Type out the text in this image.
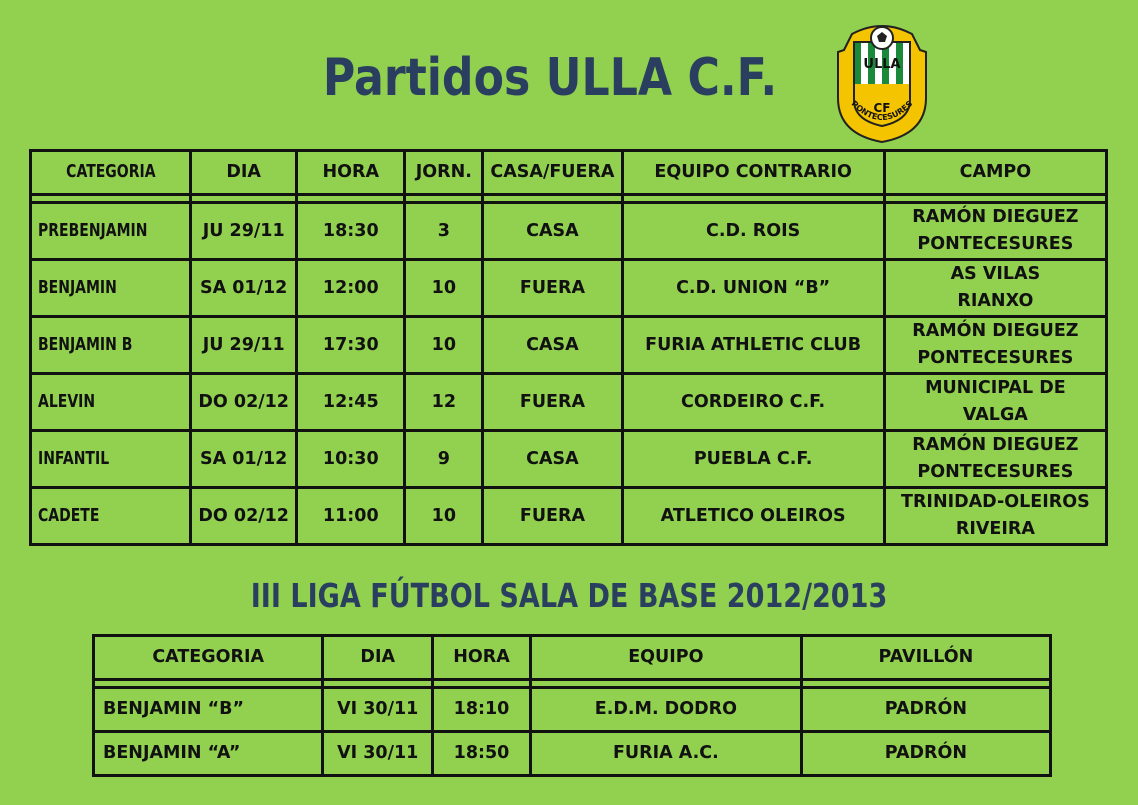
Partidos ULLA C.F.	ULLA
CF
PONTECESURES
CATEGORIA	DIA	HORA	JORN.	CASA/FUERA	EQUIPO CONTRARIO	CAMPO

PREBENJAMIN	JU 29/11	18:30	3	CASA	C.D. ROIS	RAMÓN DIEGUEZ
PONTECESURES

BENJAMIN	SA 01/12	12:00	10	FUERA	C.D. UNION “B”	AS VILAS
RIANXO

BENJAMIN B	JU 29/11	17:30	10	CASA	FURIA ATHLETIC CLUB	RAMÓN DIEGUEZ
PONTECESURES

ALEVIN	DO 02/12	12:45	12	FUERA	CORDEIRO C.F.	MUNICIPAL DE VALGA

INFANTIL	SA 01/12	10:30	9	CASA	PUEBLA C.F.	RAMÓN DIEGUEZ
PONTECESURES

CADETE	DO 02/12	11:00	10	FUERA	ATLETICO OLEIROS	TRINIDAD-OLEIROS
RIVEIRA
III LIGA FÚTBOL SALA DE BASE 2012/2013
CATEGORIA	DIA	HORA	EQUIPO	PAVILLÓN

BENJAMIN “B”	VI 30/11	18:10	E.D.M. DODRO	PADRÓN
BENJAMIN “A”	VI 30/11	18:50	FURIA A.C.	PADRÓN
